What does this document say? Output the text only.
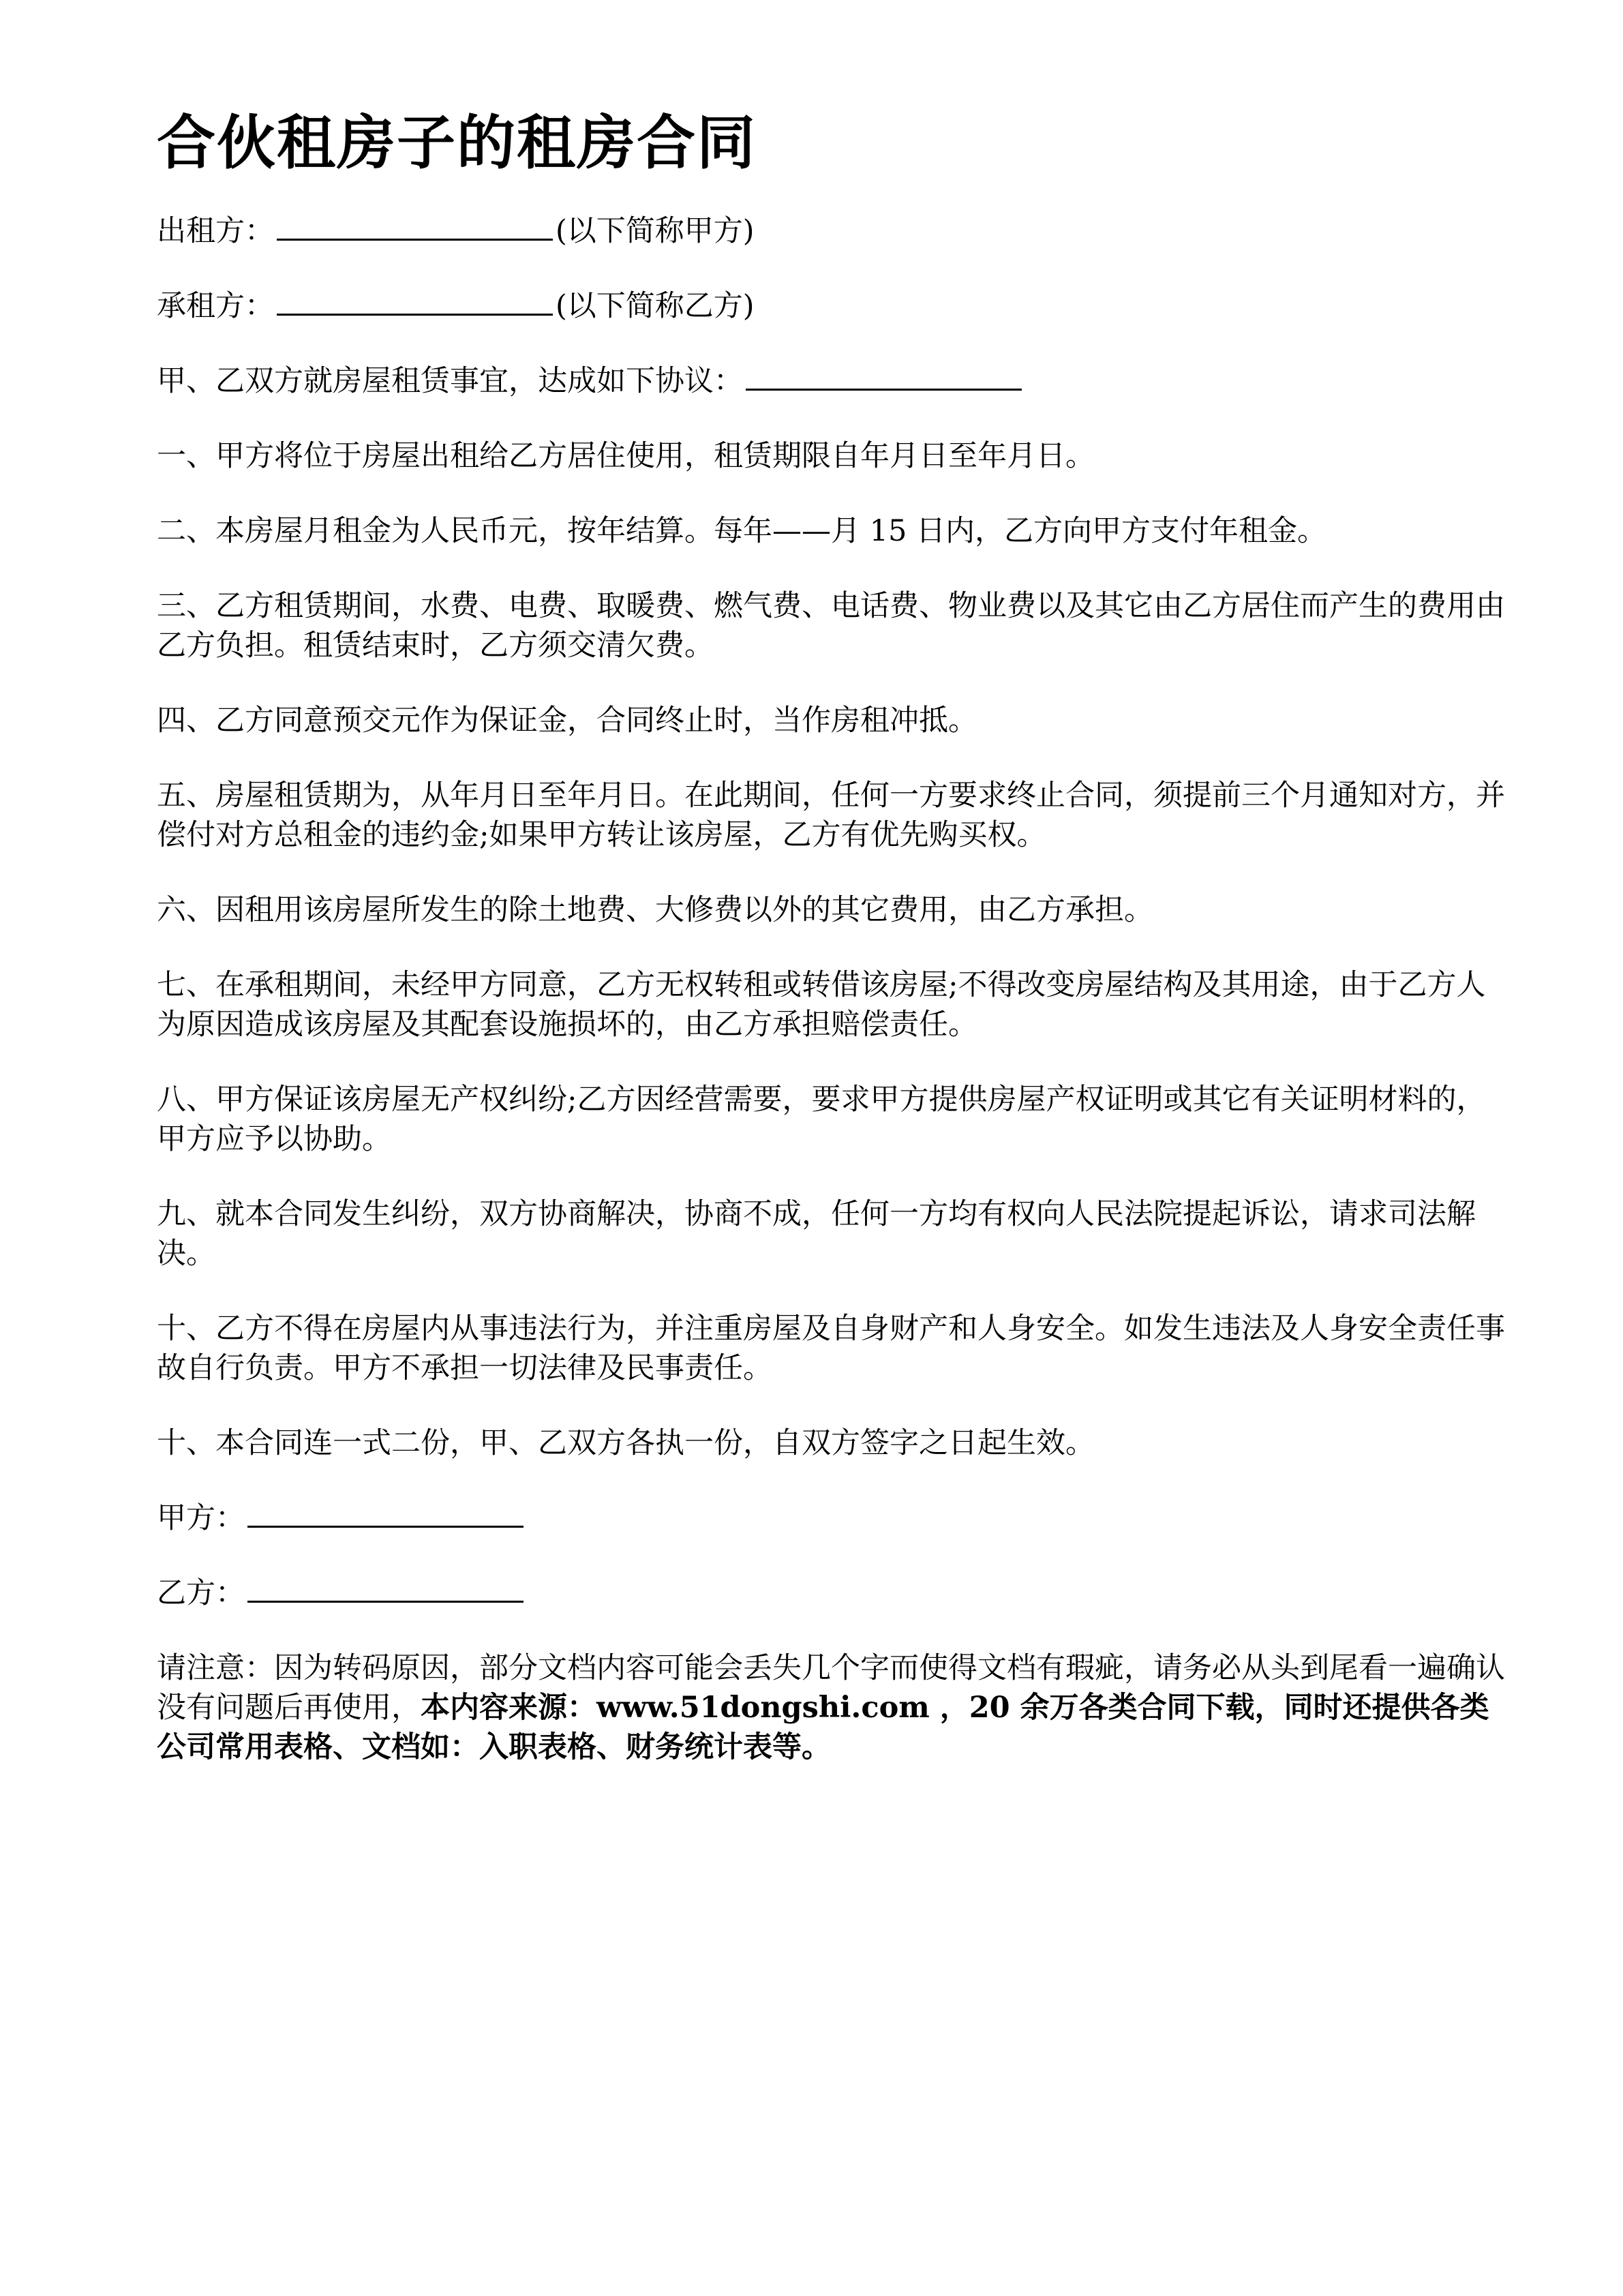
合伙租房子的租房合同

出租方：	(以下简称甲方)

承租方：	(以下简称乙方)

甲、乙双方就房屋租赁事宜，达成如下协议：

一、甲方将位于房屋出租给乙方居住使用，租赁期限自年月日至年月日。

二、本房屋月租金为人民币元，按年结算。每年——月 15 日内，乙方向甲方支付年租金。

三、乙方租赁期间，水费、电费、取暖费、燃气费、电话费、物业费以及其它由乙方居住而产生的费用由乙方负担。租赁结束时，乙方须交清欠费。

四、乙方同意预交元作为保证金，合同终止时，当作房租冲抵。

五、房屋租赁期为，从年月日至年月日。在此期间，任何一方要求终止合同，须提前三个月通知对方，并偿付对方总租金的违约金;如果甲方转让该房屋，乙方有优先购买权。

六、因租用该房屋所发生的除土地费、大修费以外的其它费用，由乙方承担。

七、在承租期间，未经甲方同意，乙方无权转租或转借该房屋;不得改变房屋结构及其用途，由于乙方人为原因造成该房屋及其配套设施损坏的，由乙方承担赔偿责任。

八、甲方保证该房屋无产权纠纷;乙方因经营需要，要求甲方提供房屋产权证明或其它有关证明材料的，甲方应予以协助。

九、就本合同发生纠纷，双方协商解决，协商不成，任何一方均有权向人民法院提起诉讼，请求司法解决。

十、乙方不得在房屋内从事违法行为，并注重房屋及自身财产和人身安全。如发生违法及人身安全责任事故自行负责。甲方不承担一切法律及民事责任。

十、本合同连一式二份，甲、乙双方各执一份，自双方签字之日起生效。

甲方：

乙方：

请注意：因为转码原因，部分文档内容可能会丢失几个字而使得文档有瑕疵，请务必从头到尾看一遍确认没有问题后再使用，本内容来源：www.51dongshi.com ，20 余万各类合同下载，同时还提供各类公司常用表格、文档如：入职表格、财务统计表等。
